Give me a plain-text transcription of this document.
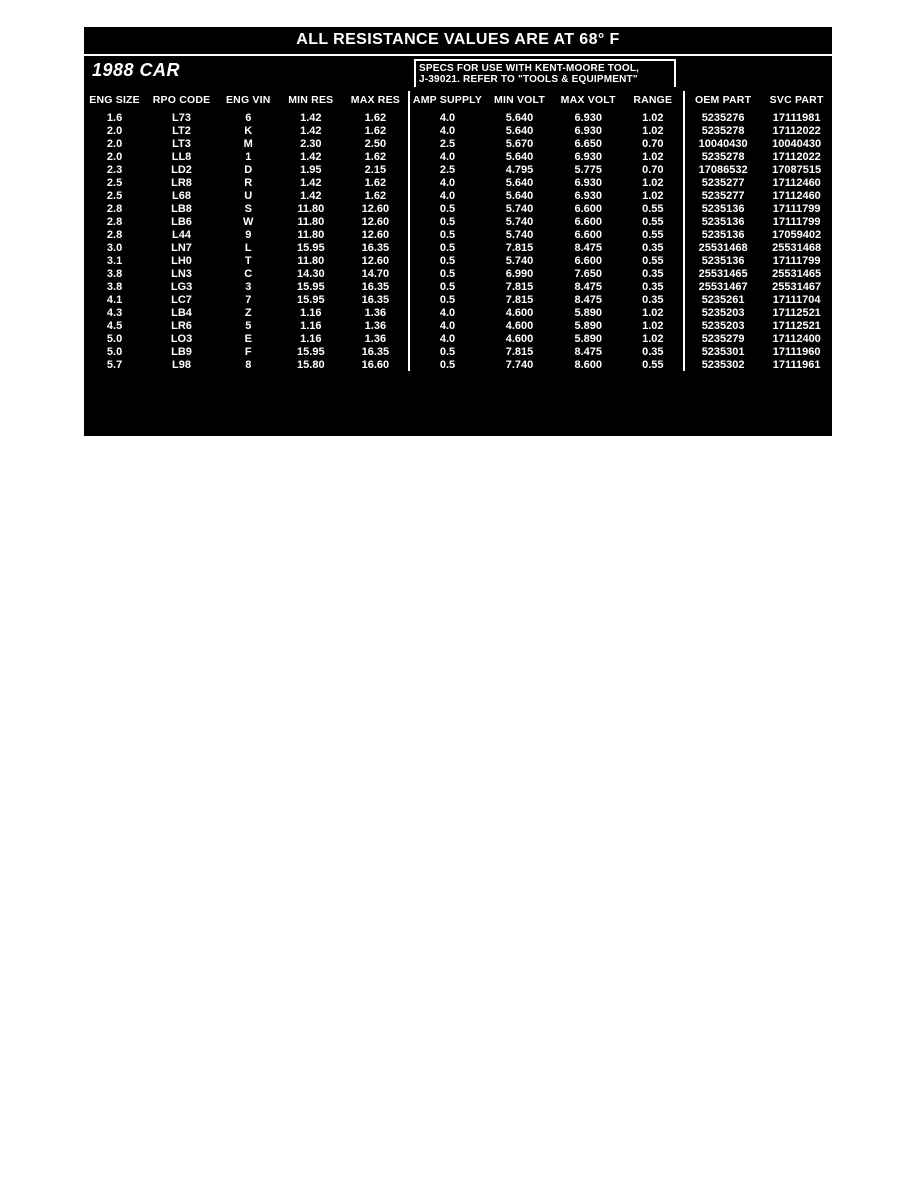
ALL RESISTANCE VALUES ARE AT 68° F
1988 CAR	SPECS FOR USE WITH KENT-MOORE TOOL,
J-39021. REFER TO "TOOLS & EQUIPMENT"
ENG SIZE	RPO CODE	ENG VIN	MIN RES	MAX RES	AMP SUPPLY	MIN VOLT	MAX VOLT	RANGE	OEM PART	SVC PART
1.6	L73	6	1.42	1.62	4.0	5.640	6.930	1.02	5235276	17111981
2.0	LT2	K	1.42	1.62	4.0	5.640	6.930	1.02	5235278	17112022
2.0	LT3	M	2.30	2.50	2.5	5.670	6.650	0.70	10040430	10040430
2.0	LL8	1	1.42	1.62	4.0	5.640	6.930	1.02	5235278	17112022
2.3	LD2	D	1.95	2.15	2.5	4.795	5.775	0.70	17086532	17087515
2.5	LR8	R	1.42	1.62	4.0	5.640	6.930	1.02	5235277	17112460
2.5	L68	U	1.42	1.62	4.0	5.640	6.930	1.02	5235277	17112460
2.8	LB8	S	11.80	12.60	0.5	5.740	6.600	0.55	5235136	17111799
2.8	LB6	W	11.80	12.60	0.5	5.740	6.600	0.55	5235136	17111799
2.8	L44	9	11.80	12.60	0.5	5.740	6.600	0.55	5235136	17059402
3.0	LN7	L	15.95	16.35	0.5	7.815	8.475	0.35	25531468	25531468
3.1	LH0	T	11.80	12.60	0.5	5.740	6.600	0.55	5235136	17111799
3.8	LN3	C	14.30	14.70	0.5	6.990	7.650	0.35	25531465	25531465
3.8	LG3	3	15.95	16.35	0.5	7.815	8.475	0.35	25531467	25531467
4.1	LC7	7	15.95	16.35	0.5	7.815	8.475	0.35	5235261	17111704
4.3	LB4	Z	1.16	1.36	4.0	4.600	5.890	1.02	5235203	17112521
4.5	LR6	5	1.16	1.36	4.0	4.600	5.890	1.02	5235203	17112521
5.0	LO3	E	1.16	1.36	4.0	4.600	5.890	1.02	5235279	17112400
5.0	LB9	F	15.95	16.35	0.5	7.815	8.475	0.35	5235301	17111960
5.7	L98	8	15.80	16.60	0.5	7.740	8.600	0.55	5235302	17111961
